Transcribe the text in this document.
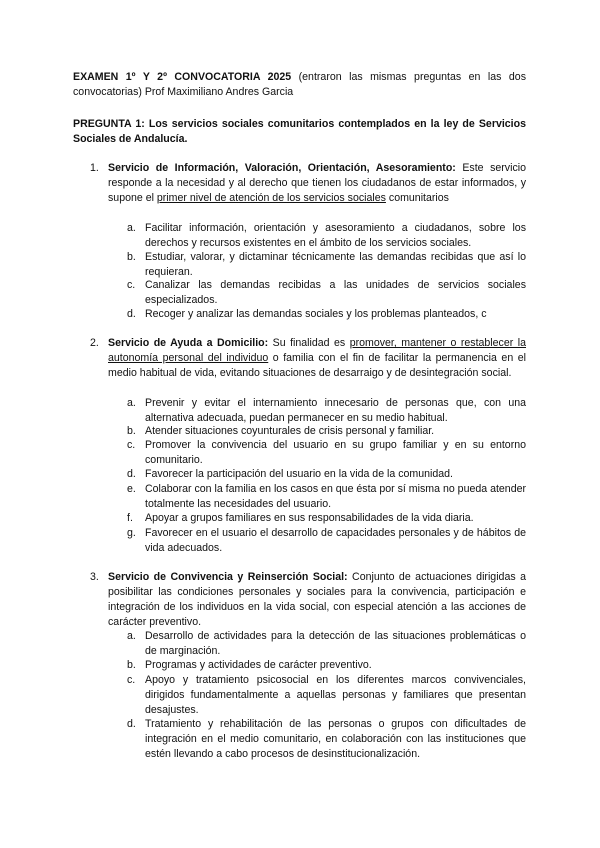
EXAMEN 1º Y 2º CONVOCATORIA 2025 (entraron las mismas preguntas en las dos convocatorias) Prof Maximiliano Andres Garcia
PREGUNTA 1: Los servicios sociales comunitarios contemplados en la ley de Servicios Sociales de Andalucía.
1. Servicio de Información, Valoración, Orientación, Asesoramiento: Este servicio responde a la necesidad y al derecho que tienen los ciudadanos de estar informados, y supone el primer nivel de atención de los servicios sociales comunitarios
a. Facilitar información, orientación y asesoramiento a ciudadanos, sobre los derechos y recursos existentes en el ámbito de los servicios sociales.
b. Estudiar, valorar, y dictaminar técnicamente las demandas recibidas que así lo requieran.
c. Canalizar las demandas recibidas a las unidades de servicios sociales especializados.
d. Recoger y analizar las demandas sociales y los problemas planteados, c
2. Servicio de Ayuda a Domicilio: Su finalidad es promover, mantener o restablecer la autonomía personal del individuo o familia con el fin de facilitar la permanencia en el medio habitual de vida, evitando situaciones de desarraigo y de desintegración social.
a. Prevenir y evitar el internamiento innecesario de personas que, con una alternativa adecuada, puedan permanecer en su medio habitual.
b. Atender situaciones coyunturales de crisis personal y familiar.
c. Promover la convivencia del usuario en su grupo familiar y en su entorno comunitario.
d. Favorecer la participación del usuario en la vida de la comunidad.
e. Colaborar con la familia en los casos en que ésta por sí misma no pueda atender totalmente las necesidades del usuario.
f. Apoyar a grupos familiares en sus responsabilidades de la vida diaria.
g. Favorecer en el usuario el desarrollo de capacidades personales y de hábitos de vida adecuados.
3. Servicio de Convivencia y Reinserción Social: Conjunto de actuaciones dirigidas a posibilitar las condiciones personales y sociales para la convivencia, participación e integración de los individuos en la vida social, con especial atención a las acciones de carácter preventivo.
a. Desarrollo de actividades para la detección de las situaciones problemáticas o de marginación.
b. Programas y actividades de carácter preventivo.
c. Apoyo y tratamiento psicosocial en los diferentes marcos convivenciales, dirigidos fundamentalmente a aquellas personas y familiares que presentan desajustes.
d. Tratamiento y rehabilitación de las personas o grupos con dificultades de integración en el medio comunitario, en colaboración con las instituciones que estén llevando a cabo procesos de desinstitucionalización.
